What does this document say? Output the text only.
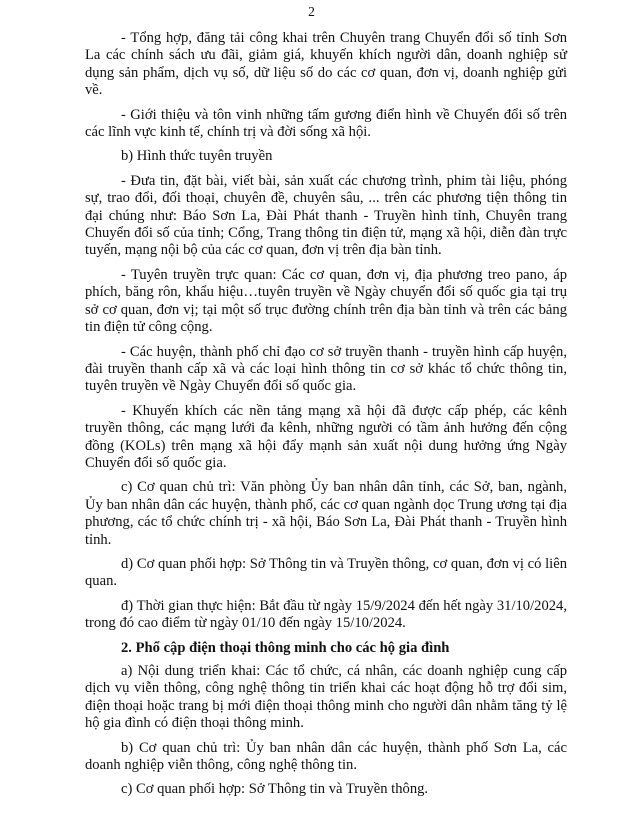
2

- Tổng hợp, đăng tải công khai trên Chuyên trang Chuyển đổi số tỉnh Sơn La các chính sách ưu đãi, giảm giá, khuyến khích người dân, doanh nghiệp sử dụng sản phẩm, dịch vụ số, dữ liệu số do các cơ quan, đơn vị, doanh nghiệp gửi về.

- Giới thiệu và tôn vinh những tấm gương điển hình về Chuyển đổi số trên các lĩnh vực kinh tế, chính trị và đời sống xã hội.

b) Hình thức tuyên truyền

- Đưa tin, đặt bài, viết bài, sản xuất các chương trình, phim tài liệu, phóng sự, trao đổi, đối thoại, chuyên đề, chuyên sâu, ... trên các phương tiện thông tin đại chúng như: Báo Sơn La, Đài Phát thanh - Truyền hình tỉnh, Chuyên trang Chuyển đổi số của tỉnh; Cổng, Trang thông tin điện tử, mạng xã hội, diễn đàn trực tuyến, mạng nội bộ của các cơ quan, đơn vị trên địa bàn tỉnh.

- Tuyên truyền trực quan: Các cơ quan, đơn vị, địa phương treo pano, áp phích, băng rôn, khẩu hiệu…tuyên truyền về Ngày chuyển đổi số quốc gia tại trụ sở cơ quan, đơn vị; tại một số trục đường chính trên địa bàn tỉnh và trên các bảng tin điện tử công cộng.

- Các huyện, thành phố chỉ đạo cơ sở truyền thanh - truyền hình cấp huyện, đài truyền thanh cấp xã và các loại hình thông tin cơ sở khác tổ chức thông tin, tuyên truyền về Ngày Chuyển đổi số quốc gia.

- Khuyến khích các nền tảng mạng xã hội đã được cấp phép, các kênh truyền thông, các mạng lưới đa kênh, những người có tầm ảnh hưởng đến cộng đồng (KOLs) trên mạng xã hội đẩy mạnh sản xuất nội dung hưởng ứng Ngày Chuyển đổi số quốc gia.

c) Cơ quan chủ trì: Văn phòng Ủy ban nhân dân tỉnh, các Sở, ban, ngành, Ủy ban nhân dân các huyện, thành phố, các cơ quan ngành dọc Trung ương tại địa phương, các tổ chức chính trị - xã hội, Báo Sơn La, Đài Phát thanh - Truyền hình tỉnh.

d) Cơ quan phối hợp: Sở Thông tin và Truyền thông, cơ quan, đơn vị có liên quan.

đ) Thời gian thực hiện: Bắt đầu từ ngày 15/9/2024 đến hết ngày 31/10/2024, trong đó cao điểm từ ngày 01/10 đến ngày 15/10/2024.

2. Phổ cập điện thoại thông minh cho các hộ gia đình

a) Nội dung triển khai: Các tổ chức, cá nhân, các doanh nghiệp cung cấp dịch vụ viễn thông, công nghệ thông tin triển khai các hoạt động hỗ trợ đổi sim, điện thoại hoặc trang bị mới điện thoại thông minh cho người dân nhằm tăng tỷ lệ hộ gia đình có điện thoại thông minh.

b) Cơ quan chủ trì: Ủy ban nhân dân các huyện, thành phố Sơn La, các doanh nghiệp viễn thông, công nghệ thông tin.

c) Cơ quan phối hợp: Sở Thông tin và Truyền thông.
